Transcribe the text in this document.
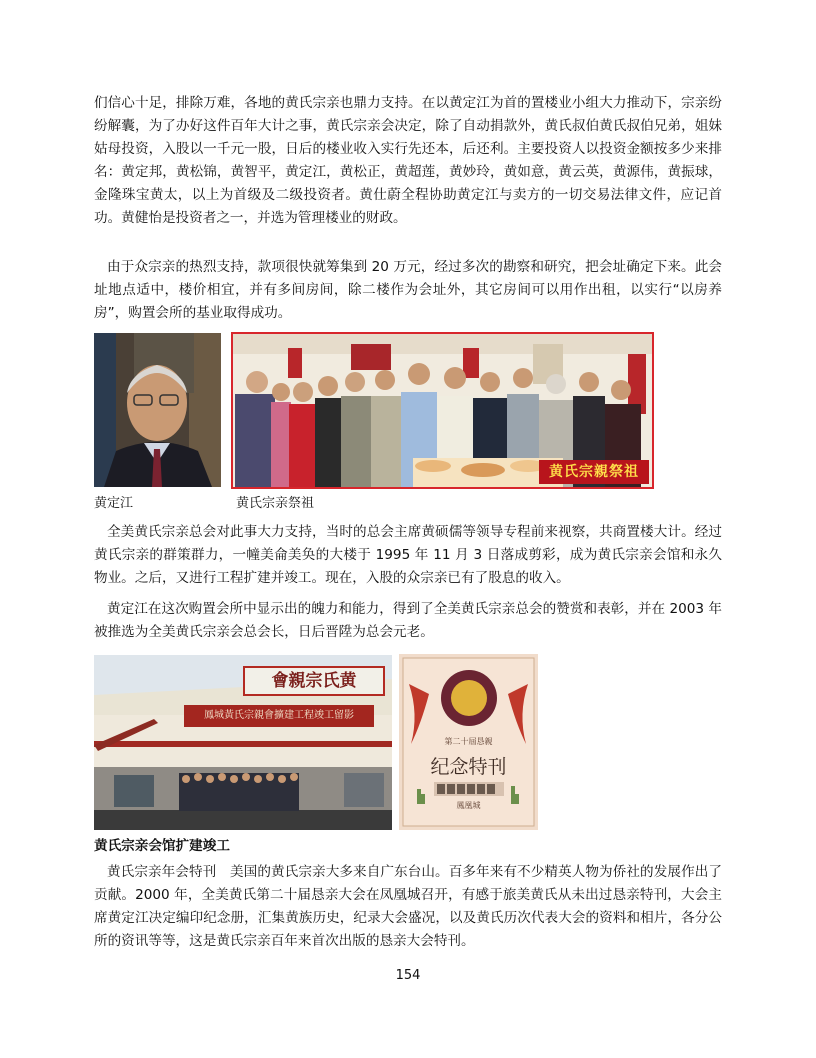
们信心十足，排除万难，各地的黄氏宗亲也鼎力支持。在以黄定江为首的置楼业小组大力推动下，宗亲纷纷解囊，为了办好这件百年大计之事，黄氏宗亲会决定，除了自动捐款外，黄氏叔伯黄氏叔伯兄弟，姐妹姑母投资，入股以一千元一股，日后的楼业收入实行先还本，后还利。主要投资人以投资金额按多少来排名：黄定邦，黄松锦，黄智平，黄定江，黄松正，黄超莲，黄妙玲，黄如意，黄云英，黄源伟，黄振球，金隆珠宝黄太，以上为首级及二级投资者。黄仕蔚全程协助黄定江与卖方的一切交易法律文件，应记首功。黄健怡是投资者之一，并选为管理楼业的财政。

由于众宗亲的热烈支持，款项很快就筹集到 20 万元，经过多次的勘察和研究，把会址确定下来。此会址地点适中，楼价相宜，并有多间房间，除二楼作为会址外，其它房间可以用作出租，以实行“以房养房”，购置会所的基业取得成功。

黄氏宗親祭祖
黄定江	黄氏宗亲祭祖

全美黄氏宗亲总会对此事大力支持，当时的总会主席黄硕儒等领导专程前来视察，共商置楼大计。经过黄氏宗亲的群策群力，一幢美侖美奂的大楼于 1995 年 11 月 3 日落成剪彩，成为黄氏宗亲会馆和永久物业。之后，又进行工程扩建并竣工。现在，入股的众宗亲已有了股息的收入。

黄定江在这次购置会所中显示出的魄力和能力，得到了全美黄氏宗亲总会的赞赏和表彰，并在 2003 年被推选为全美黄氏宗亲会总会长，日后晋陞为总会元老。

會親宗氏黄
鳳城黃氏宗親會擴建工程竣工留影
第二十屆恳親
纪念特刊
鳳凰城
黄氏宗亲会馆扩建竣工

黄氏宗亲年会特刊　美国的黄氏宗亲大多来自广东台山。百多年来有不少精英人物为侨社的发展作出了贡献。2000 年，全美黄氏第二十届恳亲大会在凤凰城召开，有感于旅美黄氏从未出过恳亲特刊，大会主席黄定江决定编印纪念册，汇集黄族历史，纪录大会盛况，以及黄氏历次代表大会的资料和相片，各分公所的资讯等等，这是黄氏宗亲百年来首次出版的恳亲大会特刊。

154
